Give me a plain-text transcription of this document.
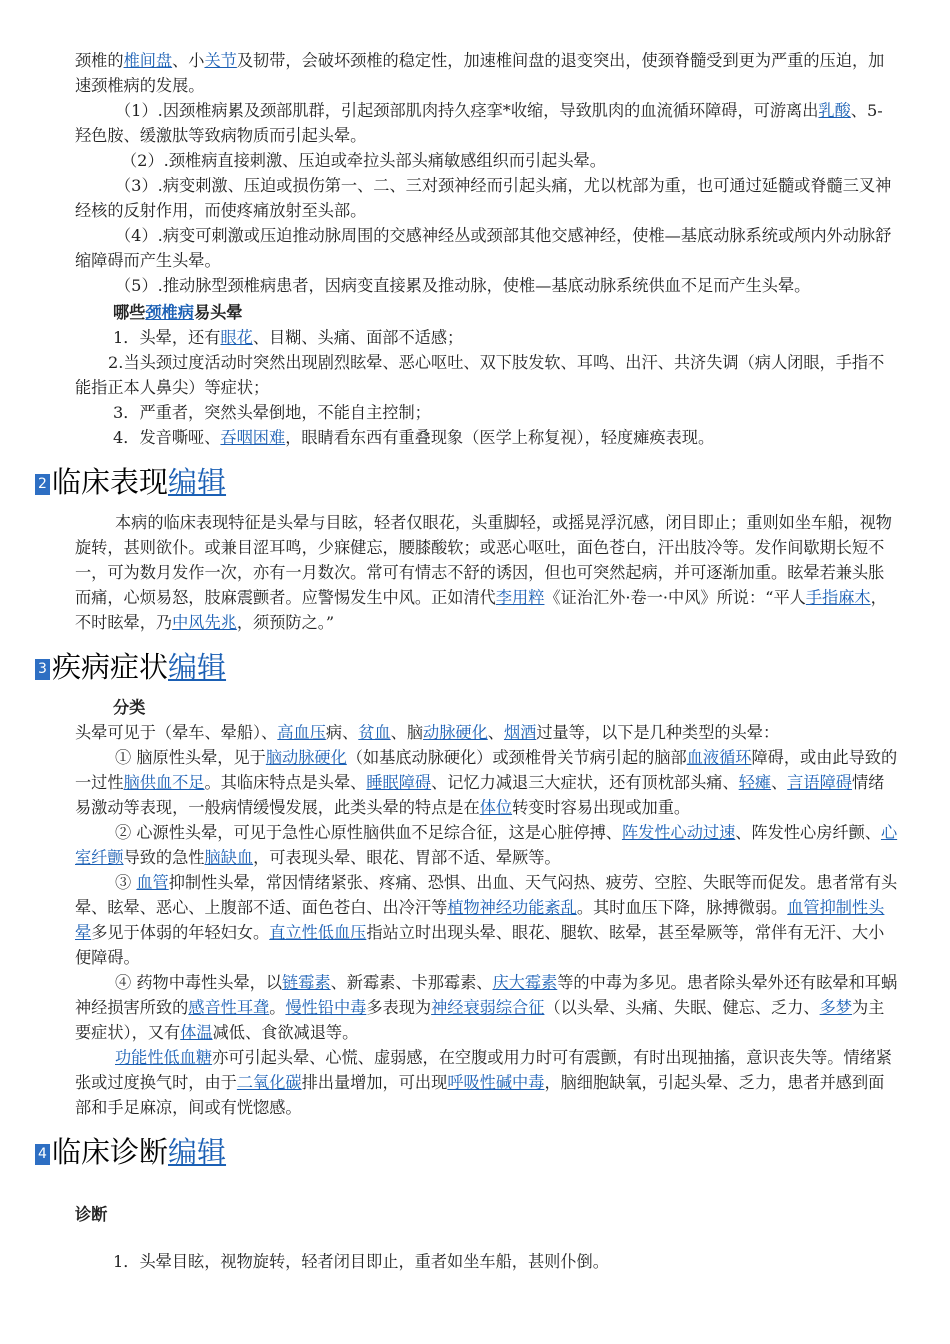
颈椎的椎间盘、小关节及韧带，会破坏颈椎的稳定性，加速椎间盘的退变突出，使颈脊髓受到更为严重的压迫，加速颈椎病的发展。

（1）.因颈椎病累及颈部肌群，引起颈部肌肉持久痉挛*收缩，导致肌肉的血流循环障碍，可游离出乳酸、5-羟色胺、缓激肽等致病物质而引起头晕。

（2）.颈椎病直接刺激、压迫或牵拉头部头痛敏感组织而引起头晕。

（3）.病变刺激、压迫或损伤第一、二、三对颈神经而引起头痛，尤以枕部为重，也可通过延髓或脊髓三叉神经核的反射作用，而使疼痛放射至头部。

（4）.病变可刺激或压迫推动脉周围的交感神经丛或颈部其他交感神经，使椎—基底动脉系统或颅内外动脉舒缩障碍而产生头晕。

（5）.推动脉型颈椎病患者，因病变直接累及推动脉，使椎—基底动脉系统供血不足而产生头晕。

哪些颈椎病易头晕

1．头晕，还有眼花、目糊、头痛、面部不适感；

2.当头颈过度活动时突然出现剧烈眩晕、恶心呕吐、双下肢发软、耳鸣、出汗、共济失调（病人闭眼，手指不能指正本人鼻尖）等症状；

3．严重者，突然头晕倒地，不能自主控制；

4．发音嘶哑、吞咽困难，眼睛看东西有重叠现象（医学上称复视），轻度瘫痪表现。

2 临床表现 编辑

本病的临床表现特征是头晕与目眩，轻者仅眼花，头重脚轻，或摇晃浮沉感，闭目即止；重则如坐车船，视物旋转，甚则欲仆。或兼目涩耳鸣，少寐健忘，腰膝酸软；或恶心呕吐，面色苍白，汗出肢冷等。发作间歇期长短不一，可为数月发作一次，亦有一月数次。常可有情志不舒的诱因，但也可突然起病，并可逐渐加重。眩晕若兼头胀而痛，心烦易怒，肢麻震颤者。应警惕发生中风。正如清代李用粹《证治汇外·卷一·中风》所说：“平人手指麻木，不时眩晕，乃中风先兆，须预防之。”

3 疾病症状 编辑

分类

头晕可见于（晕车、晕船）、高血压病、贫血、脑动脉硬化、烟酒过量等，以下是几种类型的头晕：

① 脑原性头晕，见于脑动脉硬化（如基底动脉硬化）或颈椎骨关节病引起的脑部血液循环障碍，或由此导致的一过性脑供血不足。其临床特点是头晕、睡眠障碍、记忆力减退三大症状，还有顶枕部头痛、轻瘫、言语障碍情绪易激动等表现，一般病情缓慢发展，此类头晕的特点是在体位转变时容易出现或加重。

② 心源性头晕，可见于急性心原性脑供血不足综合征，这是心脏停搏、阵发性心动过速、阵发性心房纤颤、心室纤颤导致的急性脑缺血，可表现头晕、眼花、胃部不适、晕厥等。

③ 血管抑制性头晕，常因情绪紧张、疼痛、恐惧、出血、天气闷热、疲劳、空腔、失眠等而促发。患者常有头晕、眩晕、恶心、上腹部不适、面色苍白、出冷汗等植物神经功能紊乱。其时血压下降，脉搏微弱。血管抑制性头晕多见于体弱的年轻妇女。直立性低血压指站立时出现头晕、眼花、腿软、眩晕，甚至晕厥等，常伴有无汗、大小便障碍。

④ 药物中毒性头晕，以链霉素、新霉素、卡那霉素、庆大霉素等的中毒为多见。患者除头晕外还有眩晕和耳蜗神经损害所致的感音性耳聋。慢性铅中毒多表现为神经衰弱综合征（以头晕、头痛、失眠、健忘、乏力、多梦为主要症状），又有体温减低、食欲减退等。

功能性低血糖亦可引起头晕、心慌、虚弱感，在空腹或用力时可有震颤，有时出现抽搐，意识丧失等。情绪紧张或过度换气时，由于二氧化碳排出量增加，可出现呼吸性碱中毒，脑细胞缺氧，引起头晕、乏力，患者并感到面部和手足麻凉，间或有恍惚感。

4 临床诊断 编辑

诊断

1．头晕目眩，视物旋转，轻者闭目即止，重者如坐车船，甚则仆倒。
